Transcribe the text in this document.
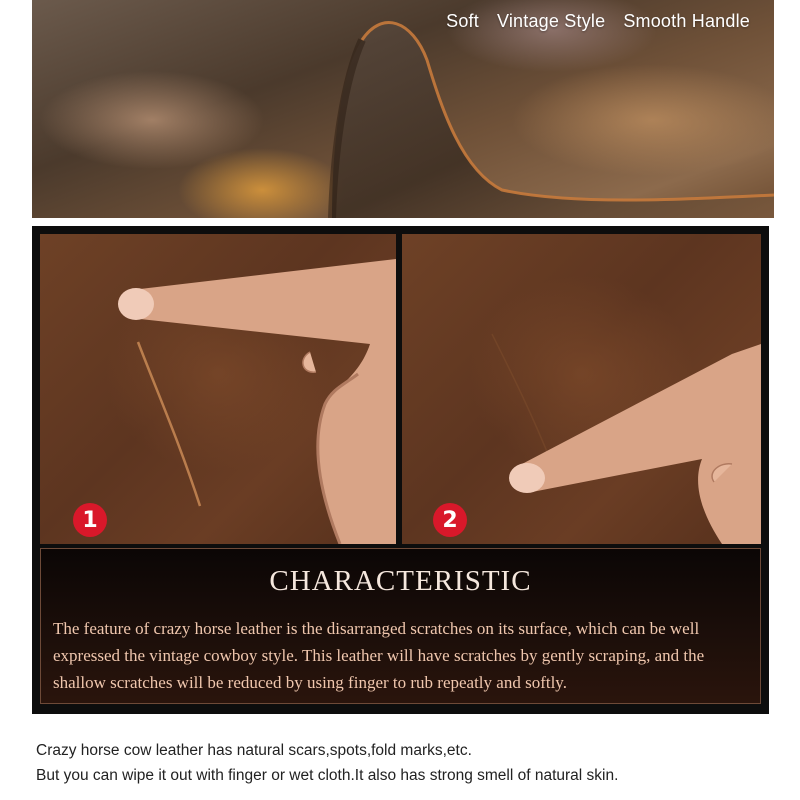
Soft Vintage Style Smooth Handle
1	2
CHARACTERISTIC
The feature of crazy horse leather is the disarranged scratches on its surface, which can be well expressed the vintage cowboy style. This leather will have scratches by gently scraping, and the shallow scratches will be reduced by using finger to rub repeatly and softly.
Crazy horse cow leather has natural scars,spots,fold marks,etc.
But you can wipe it out with finger or wet cloth.It also has strong smell of natural skin.
